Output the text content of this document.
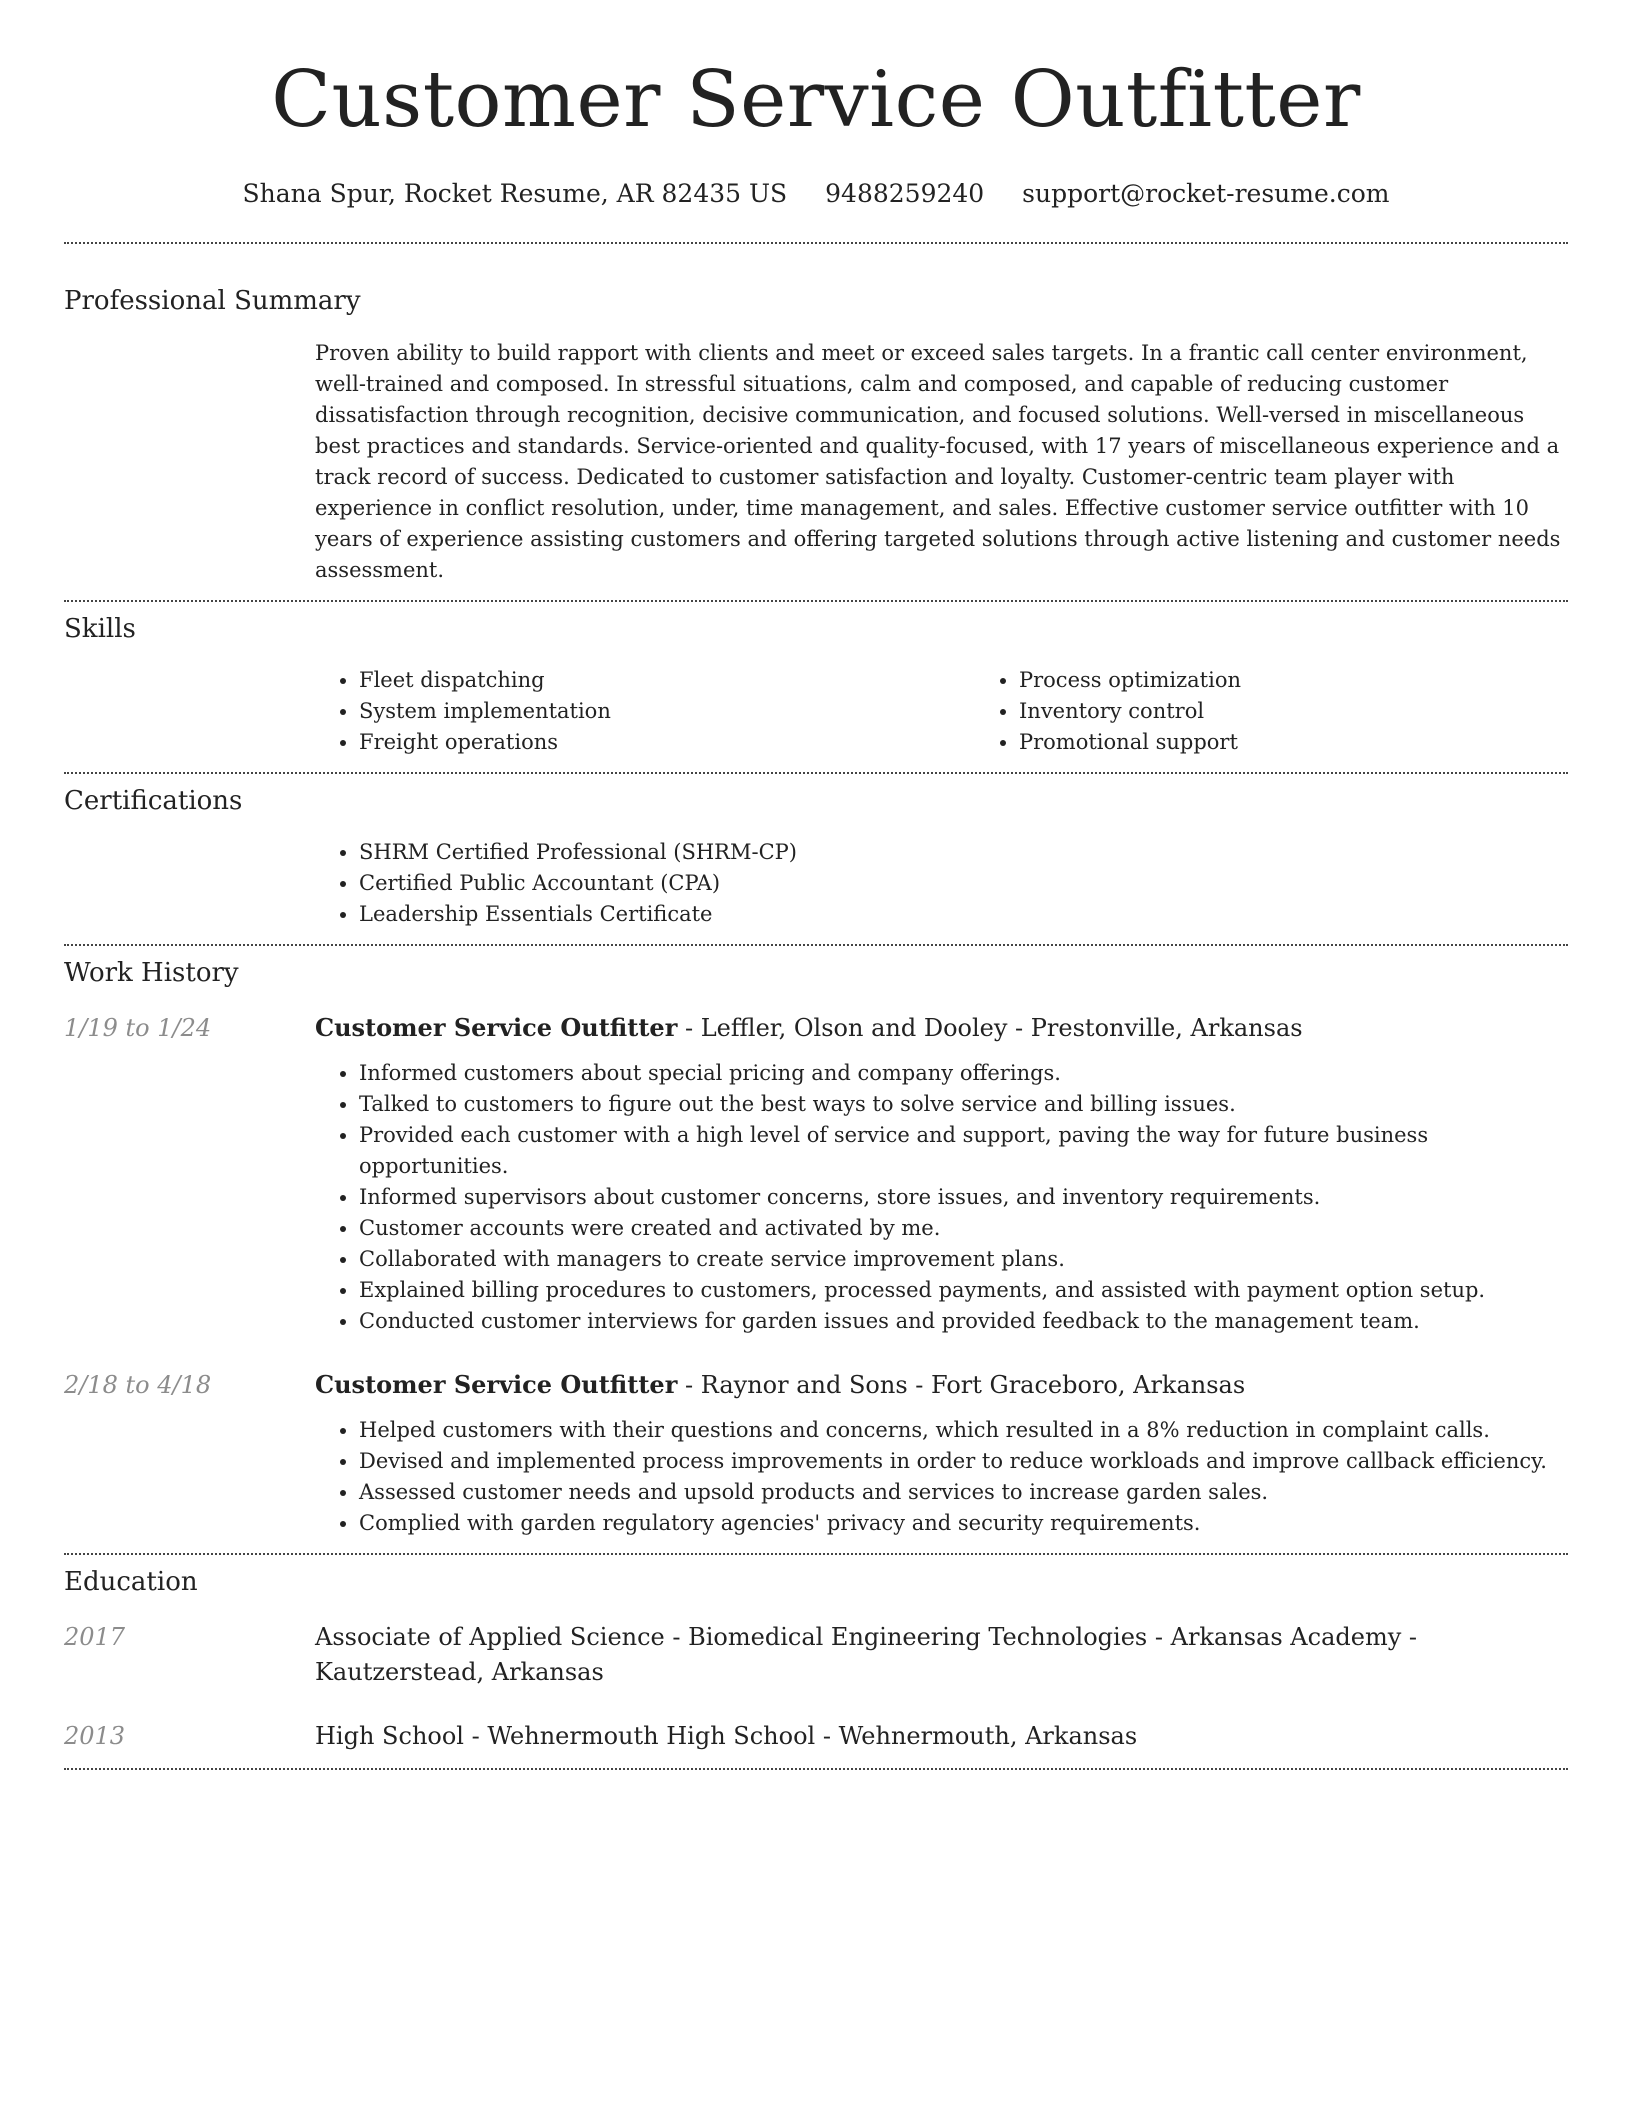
Customer Service Outfitter
Shana Spur, Rocket Resume, AR 82435 US 9488259240 support@rocket-resume.com
Professional Summary
Proven ability to build rapport with clients and meet or exceed sales targets. In a frantic call center environment, well-trained and composed. In stressful situations, calm and composed, and capable of reducing customer dissatisfaction through recognition, decisive communication, and focused solutions. Well-versed in miscellaneous best practices and standards. Service-oriented and quality-focused, with 17 years of miscellaneous experience and a track record of success. Dedicated to customer satisfaction and loyalty. Customer-centric team player with experience in conflict resolution, under, time management, and sales. Effective customer service outfitter with 10 years of experience assisting customers and offering targeted solutions through active listening and customer needs assessment.
Skills
• Fleet dispatching
• System implementation
• Freight operations
• Process optimization
• Inventory control
• Promotional support
Certifications
• SHRM Certified Professional (SHRM-CP)
• Certified Public Accountant (CPA)
• Leadership Essentials Certificate
Work History
1/19 to 1/24	Customer Service Outfitter - Leffler, Olson and Dooley - Prestonville, Arkansas
• Informed customers about special pricing and company offerings.
• Talked to customers to figure out the best ways to solve service and billing issues.
• Provided each customer with a high level of service and support, paving the way for future business opportunities.
• Informed supervisors about customer concerns, store issues, and inventory requirements.
• Customer accounts were created and activated by me.
• Collaborated with managers to create service improvement plans.
• Explained billing procedures to customers, processed payments, and assisted with payment option setup.
• Conducted customer interviews for garden issues and provided feedback to the management team.
2/18 to 4/18	Customer Service Outfitter - Raynor and Sons - Fort Graceboro, Arkansas
• Helped customers with their questions and concerns, which resulted in a 8% reduction in complaint calls.
• Devised and implemented process improvements in order to reduce workloads and improve callback efficiency.
• Assessed customer needs and upsold products and services to increase garden sales.
• Complied with garden regulatory agencies' privacy and security requirements.
Education
2017	Associate of Applied Science - Biomedical Engineering Technologies - Arkansas Academy -
Kautzerstead, Arkansas
2013	High School - Wehnermouth High School - Wehnermouth, Arkansas
